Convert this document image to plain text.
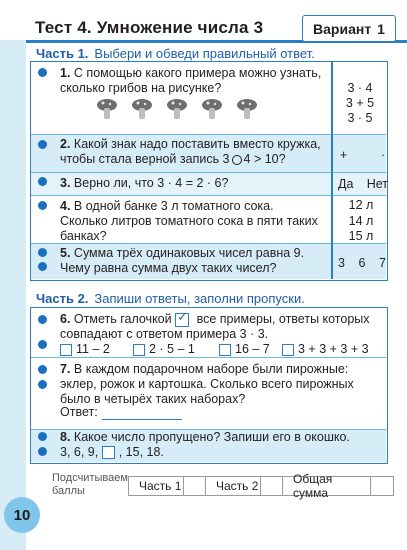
10
Тест 4. Умножение числа 3	Вариант 1
Часть 1. Выбери и обведи правильный ответ.
1. С помощью какого примера можно узнать,
сколько грибов на рисунке?	3 · 4
3 + 5
3 · 5
2. Какой знак надо поставить вместо кружка,
чтобы стала верной запись 3 4 > 10?	+	·
3. Верно ли, что 3 · 4 = 2 · 6?	Да Нет
4. В одной банке 3 л томатного сока.
Сколько литров томатного сока в пяти таких
банках?
12 л
14 л
15 л
5. Сумма трёх одинаковых чисел равна 9.
Чему равна сумма двух таких чисел?	3 6 7
Часть 2. Запиши ответы, заполни пропуски.
6. Отметь галочкой ✓ все примеры, ответы которых
совпадают с ответом примера 3 · 3.
11 – 2	2 · 5 – 1	16 – 7	3 + 3 + 3 + 3
7. В каждом подарочном наборе были пирожные:
эклер, рожок и картошка. Сколько всего пирожных
было в четырёх таких наборах?
Ответ:
8. Какое число пропущено? Запиши его в окошко.
3, 6, 9, , 15, 18.
Подсчитываем
баллы	Часть 1	Часть 2	Общая сумма
